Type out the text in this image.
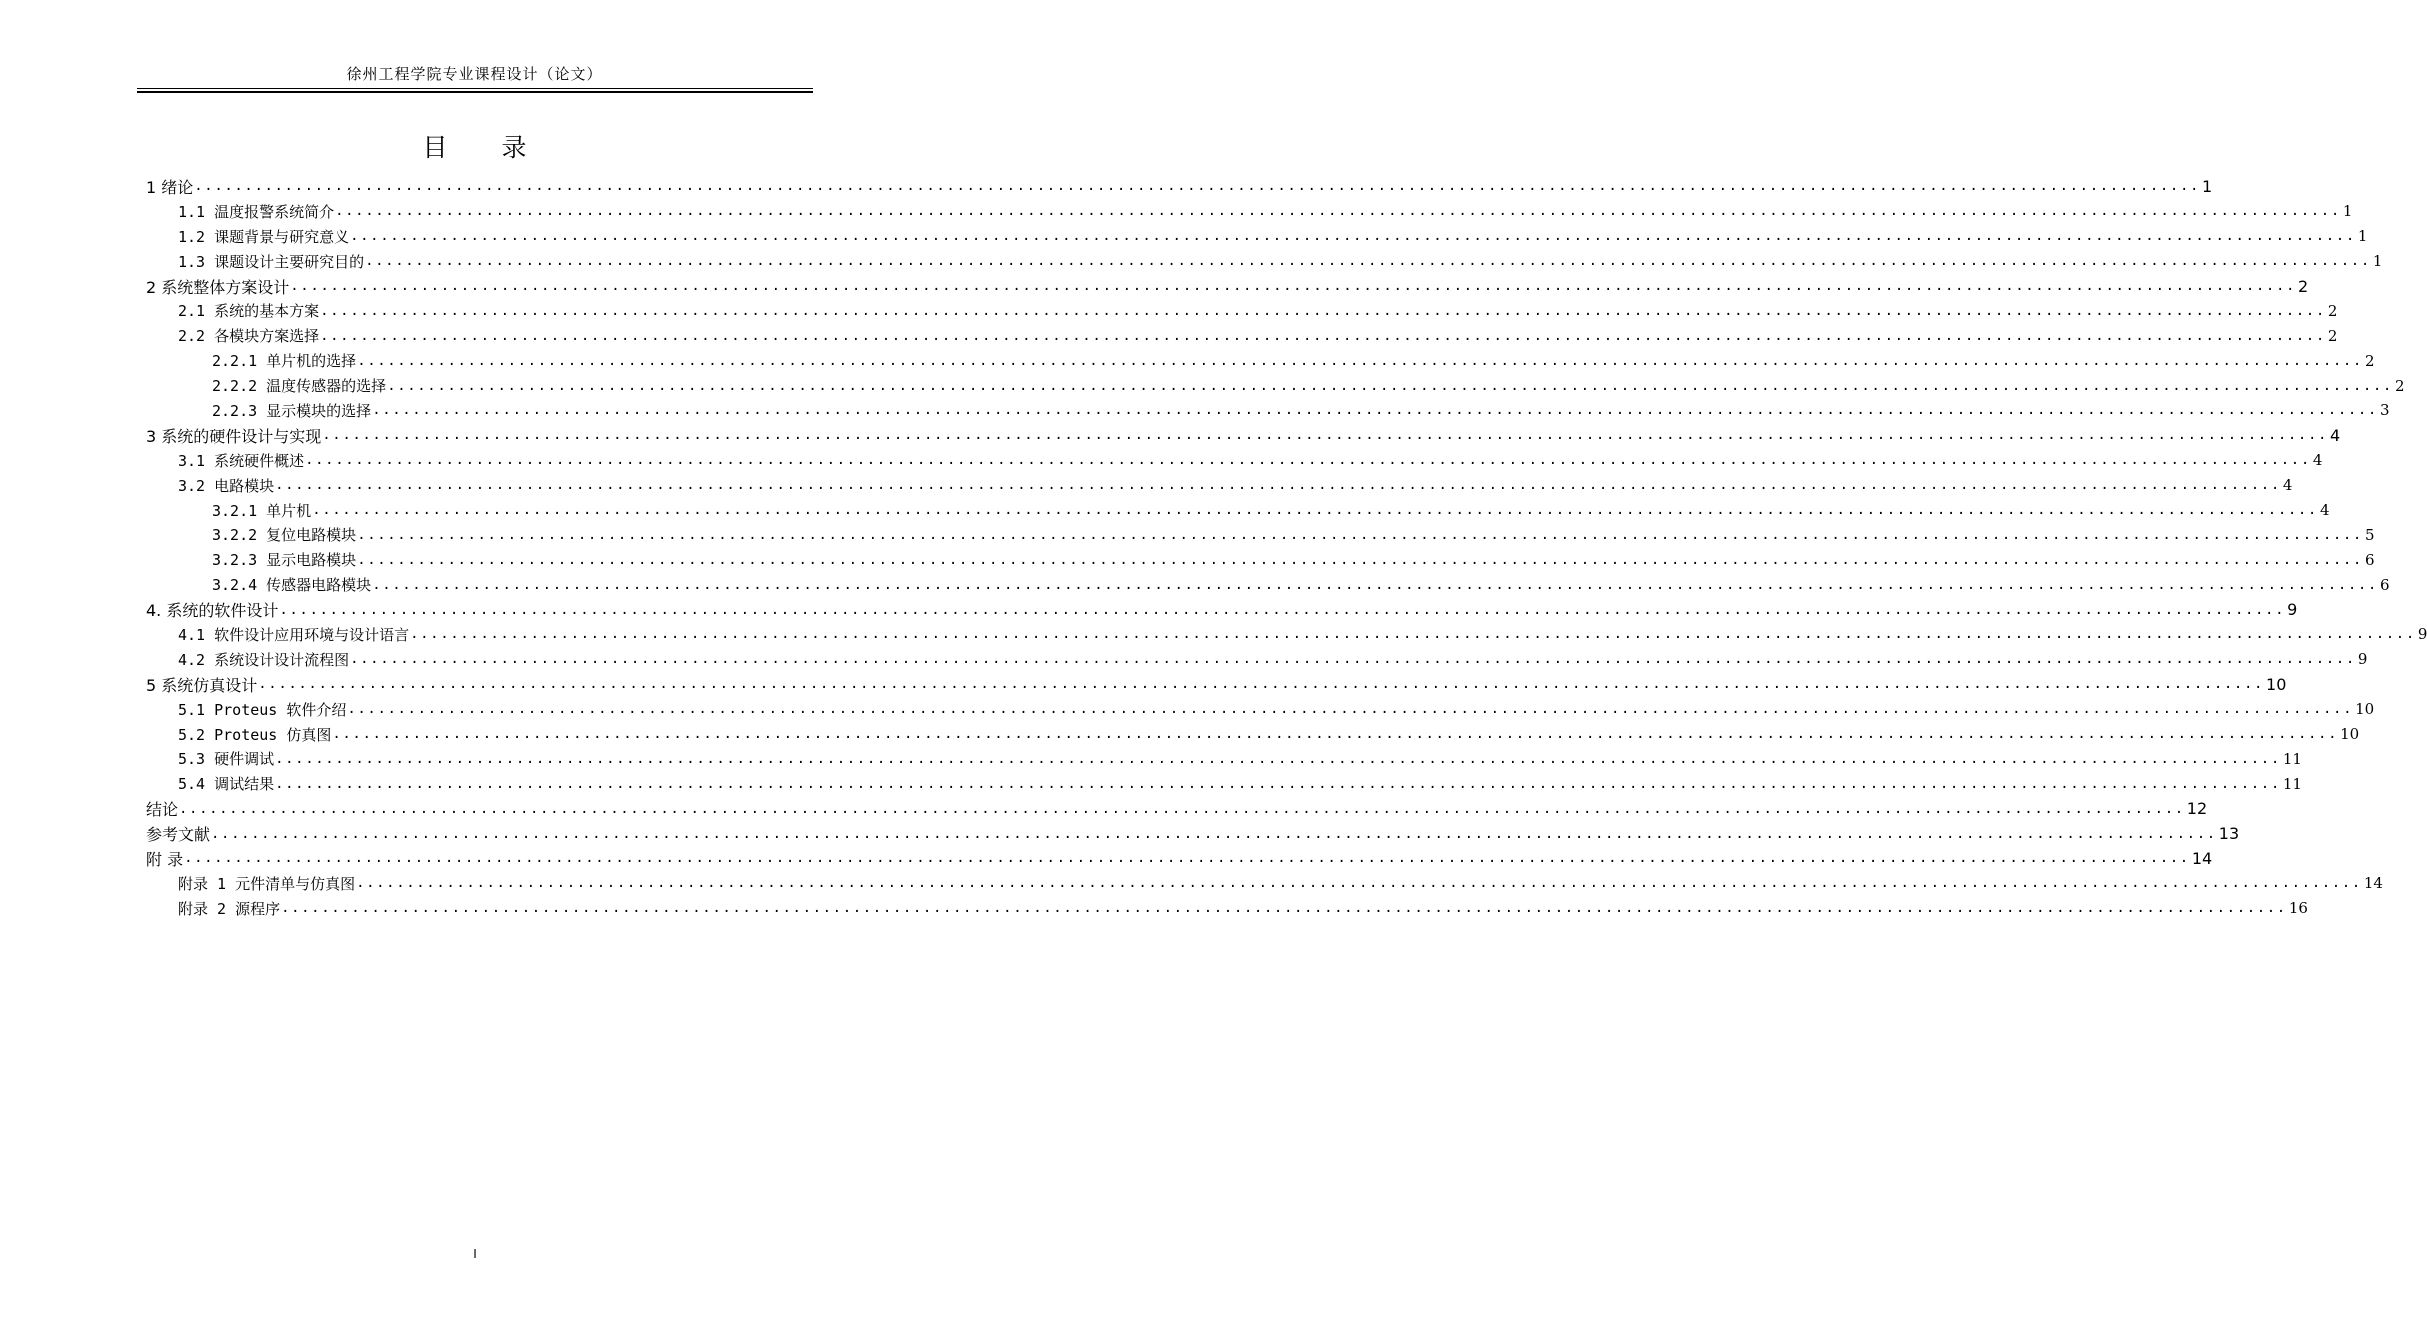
徐州工程学院专业课程设计（论文）
目 录
1 绪论 ........................................................................................................................................................................................................ 1
1.1 温度报警系统简介 ........................................................................................................................................................................................................ 1
1.2 课题背景与研究意义 ........................................................................................................................................................................................................ 1
1.3 课题设计主要研究目的 ........................................................................................................................................................................................................ 1
2 系统整体方案设计 ........................................................................................................................................................................................................ 2
2.1 系统的基本方案 ........................................................................................................................................................................................................ 2
2.2 各模块方案选择 ........................................................................................................................................................................................................ 2
2.2.1 单片机的选择 ........................................................................................................................................................................................................ 2
2.2.2 温度传感器的选择 ........................................................................................................................................................................................................ 2
2.2.3 显示模块的选择 ........................................................................................................................................................................................................ 3
3 系统的硬件设计与实现 ........................................................................................................................................................................................................ 4
3.1 系统硬件概述 ........................................................................................................................................................................................................ 4
3.2 电路模块 ........................................................................................................................................................................................................ 4
3.2.1 单片机 ........................................................................................................................................................................................................ 4
3.2.2 复位电路模块 ........................................................................................................................................................................................................ 5
3.2.3 显示电路模块 ........................................................................................................................................................................................................ 6
3.2.4 传感器电路模块 ........................................................................................................................................................................................................ 6
4. 系统的软件设计 ........................................................................................................................................................................................................ 9
4.1 软件设计应用环境与设计语言 ........................................................................................................................................................................................................ 9
4.2 系统设计设计流程图 ........................................................................................................................................................................................................ 9
5 系统仿真设计 ........................................................................................................................................................................................................ 10
5.1 Proteus 软件介绍 ........................................................................................................................................................................................................ 10
5.2 Proteus 仿真图 ........................................................................................................................................................................................................ 10
5.3 硬件调试 ........................................................................................................................................................................................................ 11
5.4 调试结果 ........................................................................................................................................................................................................ 11
结论 ........................................................................................................................................................................................................ 12
参考文献 ........................................................................................................................................................................................................ 13
附 录 ........................................................................................................................................................................................................ 14
附录 1 元件清单与仿真图 ........................................................................................................................................................................................................ 14
附录 2 源程序 ........................................................................................................................................................................................................ 16
I
